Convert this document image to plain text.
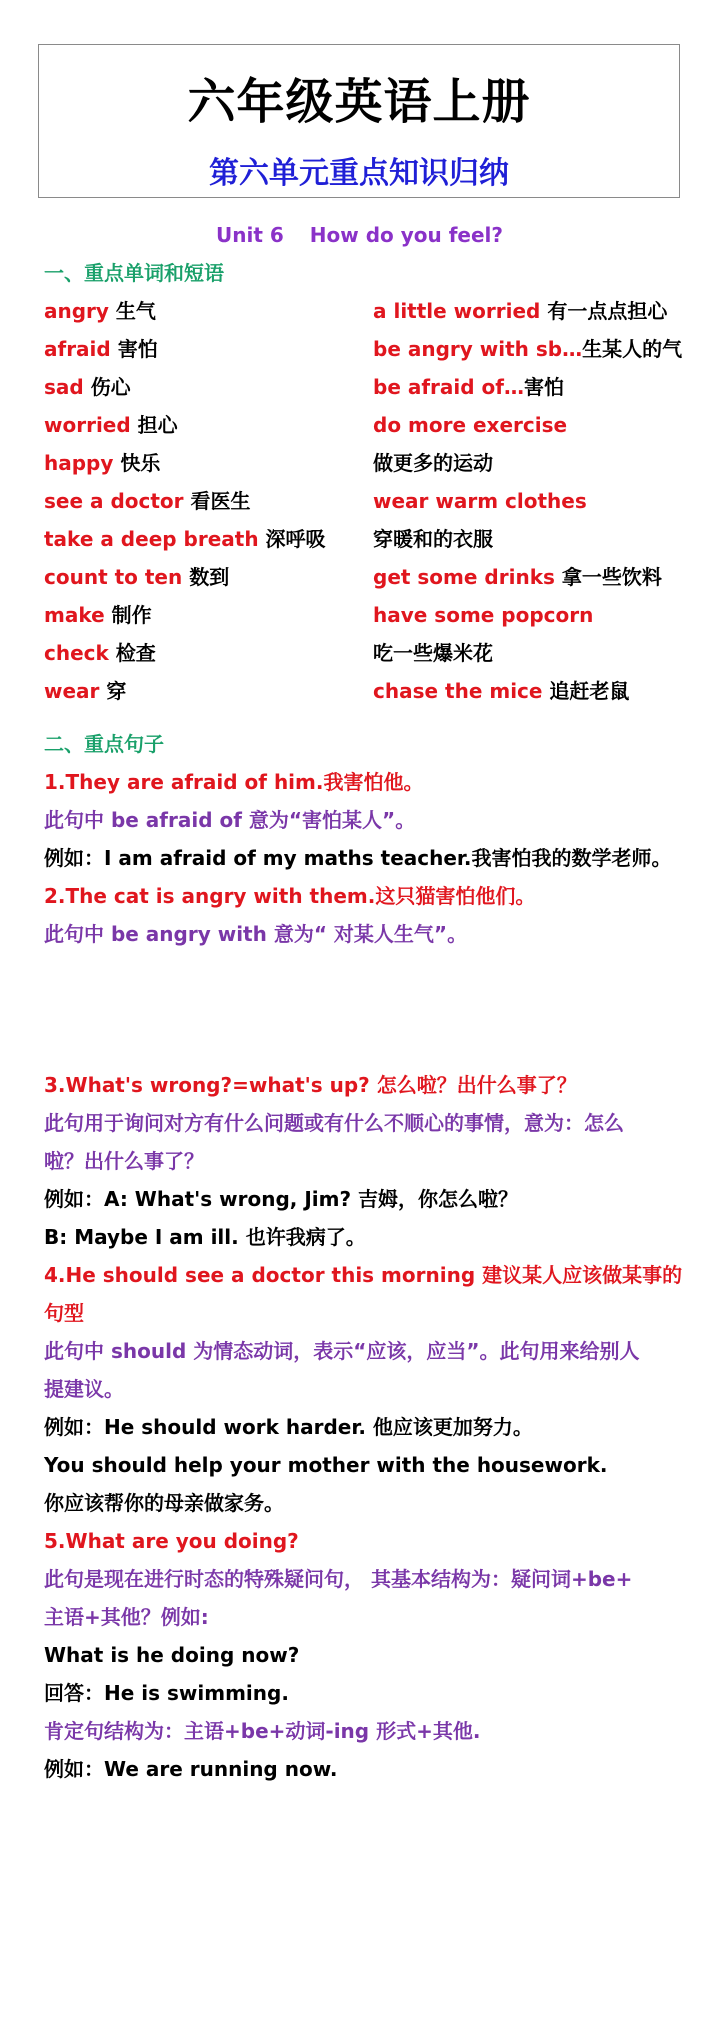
六年级英语上册
第六单元重点知识归纳
Unit 6 How do you feel?
一、重点单词和短语
angry 生气
afraid 害怕
sad 伤心
worried 担心
happy 快乐
see a doctor 看医生
take a deep breath 深呼吸
count to ten 数到
make 制作
check 检查
wear 穿
a little worried 有一点点担心
be angry with sb…生某人的气
be afraid of…害怕
do more exercise
做更多的运动
wear warm clothes
穿暖和的衣服
get some drinks 拿一些饮料
have some popcorn
吃一些爆米花
chase the mice 追赶老鼠
二、重点句子
1.They are afraid of him.我害怕他。
此句中 be afraid of 意为“害怕某人”。
例如：I am afraid of my maths teacher.我害怕我的数学老师。
2.The cat is angry with them.这只猫害怕他们。
此句中 be angry with 意为“ 对某人生气”。
3.What's wrong?=what's up? 怎么啦？出什么事了？
此句用于询问对方有什么问题或有什么不顺心的事情，意为：怎么
啦？出什么事了？
例如：A: What's wrong, Jim? 吉姆，你怎么啦？
B: Maybe I am ill. 也许我病了。
4.He should see a doctor this morning 建议某人应该做某事的
句型
此句中 should 为情态动词，表示“应该，应当”。此句用来给别人
提建议。
例如：He should work harder. 他应该更加努力。
You should help your mother with the housework.
你应该帮你的母亲做家务。
5.What are you doing?
此句是现在进行时态的特殊疑问句， 其基本结构为：疑问词+be+
主语+其他？例如:
What is he doing now?
回答：He is swimming.
肯定句结构为：主语+be+动词-ing 形式+其他.
例如：We are running now.
